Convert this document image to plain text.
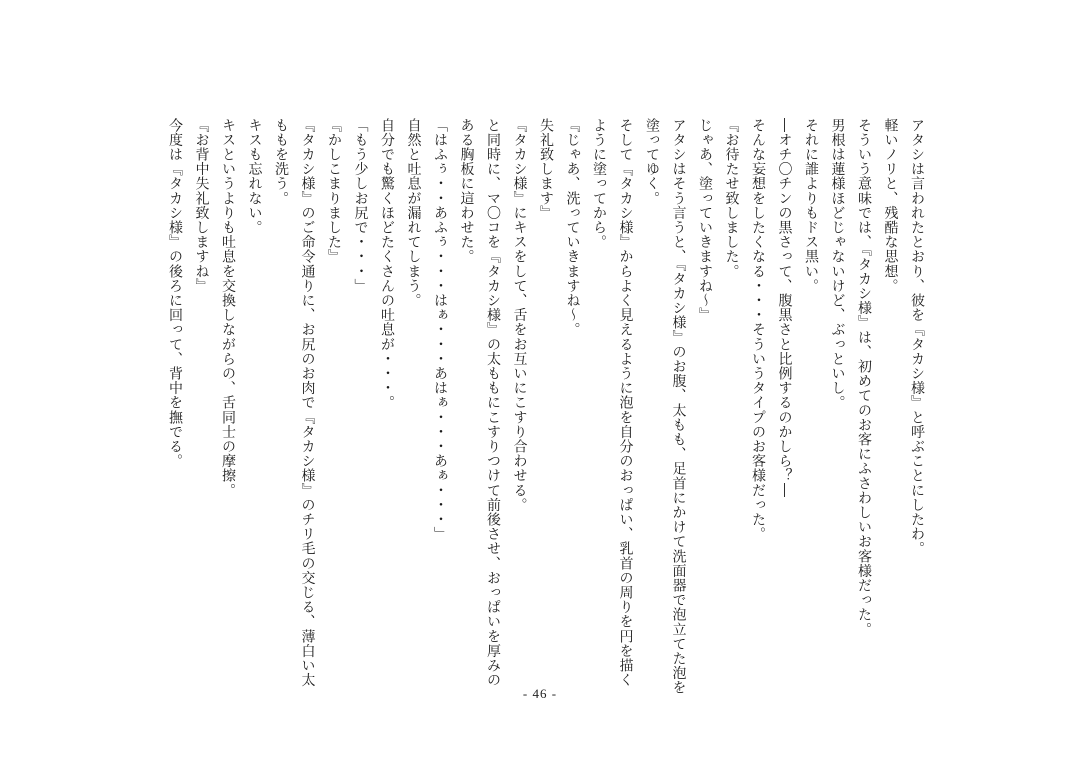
アタシは言われたとおり、彼を『タカシ様』と呼ぶことにしたわ。
軽いノリと、残酷な思想。
そういう意味では、『タカシ様』は、初めてのお客にふさわしいお客様だった。
男根は蓮様ほどじゃないけど、ぶっといし。
それに誰よりもドス黒い。
―オチ〇チンの黒さって、腹黒さと比例するのかしら？―
そんな妄想をしたくなる・・・そういうタイプのお客様だった。
『お待たせ致しました。
じゃあ、塗っていきますね～』
アタシはそう言うと、『タカシ様』のお腹、太もも、足首にかけて洗面器で泡立てた泡を
塗ってゆく。
そして『タカシ様』からよく見えるように泡を自分のおっぱい、乳首の周りを円を描く
ように塗ってから。
『じゃあ、洗っていきますね～。
失礼致します』
『タカシ様』にキスをして、舌をお互いにこすり合わせる。
と同時に、マ〇コを『タカシ様』の太ももにこすりつけて前後させ、おっぱいを厚みの
ある胸板に這わせた。
「はふぅ・・あふぅ・・・はぁ・・・あはぁ・・・あぁ・・・」
自然と吐息が漏れてしまう。
自分でも驚くほどたくさんの吐息が・・・。
「もう少しお尻で・・・」
『かしこまりました』
『タカシ様』のご命令通りに、お尻のお肉で『タカシ様』のチリ毛の交じる、薄白い太
ももを洗う。
キスも忘れない。
キスというよりも吐息を交換しながらの、舌同士の摩擦。
『お背中失礼致しますね』
今度は『タカシ様』の後ろに回って、背中を撫でる。
- 46 -
